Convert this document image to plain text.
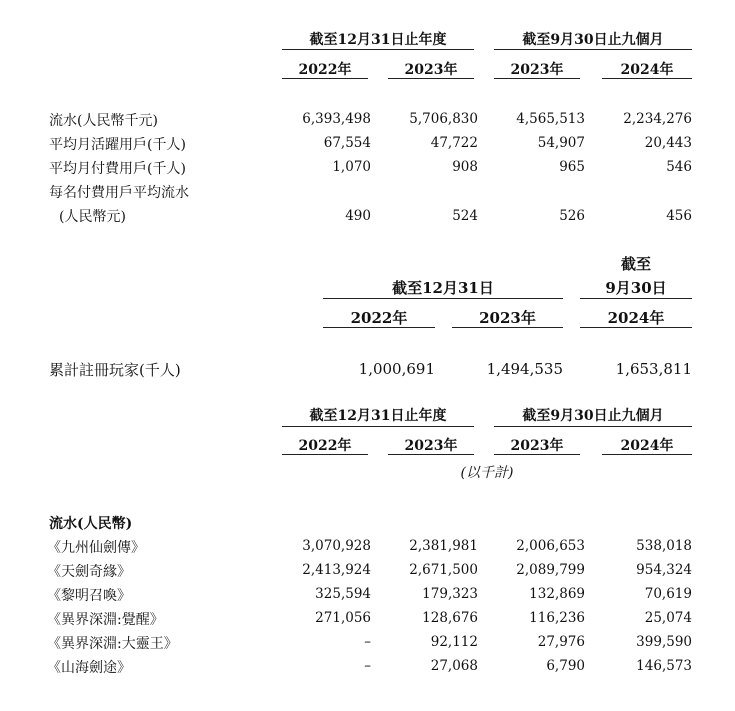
截至12月31日止年度	截至9月30日止九個月
2022年	2023年	2023年	2024年
流水(人民幣千元)	6,393,498	5,706,830	4,565,513	2,234,276
平均月活躍用戶(千人)	67,554	47,722	54,907	20,443
平均月付費用戶(千人)	1,070	908	965	546
每名付費用戶平均流水
(人民幣元)	490	524	526	456
截至
截至12月31日	9月30日
2022年	2023年	2024年
累計註冊玩家(千人)	1,000,691	1,494,535	1,653,811
截至12月31日止年度	截至9月30日止九個月
2022年	2023年	2023年	2024年
(以千計)
流水(人民幣)
《九州仙劍傳》	3,070,928	2,381,981	2,006,653	538,018
《天劍奇緣》	2,413,924	2,671,500	2,089,799	954,324
《黎明召喚》	325,594	179,323	132,869	70,619
《異界深淵:覺醒》	271,056	128,676	116,236	25,074
《異界深淵:大靈王》	–	92,112	27,976	399,590
《山海劍途》	–	27,068	6,790	146,573
